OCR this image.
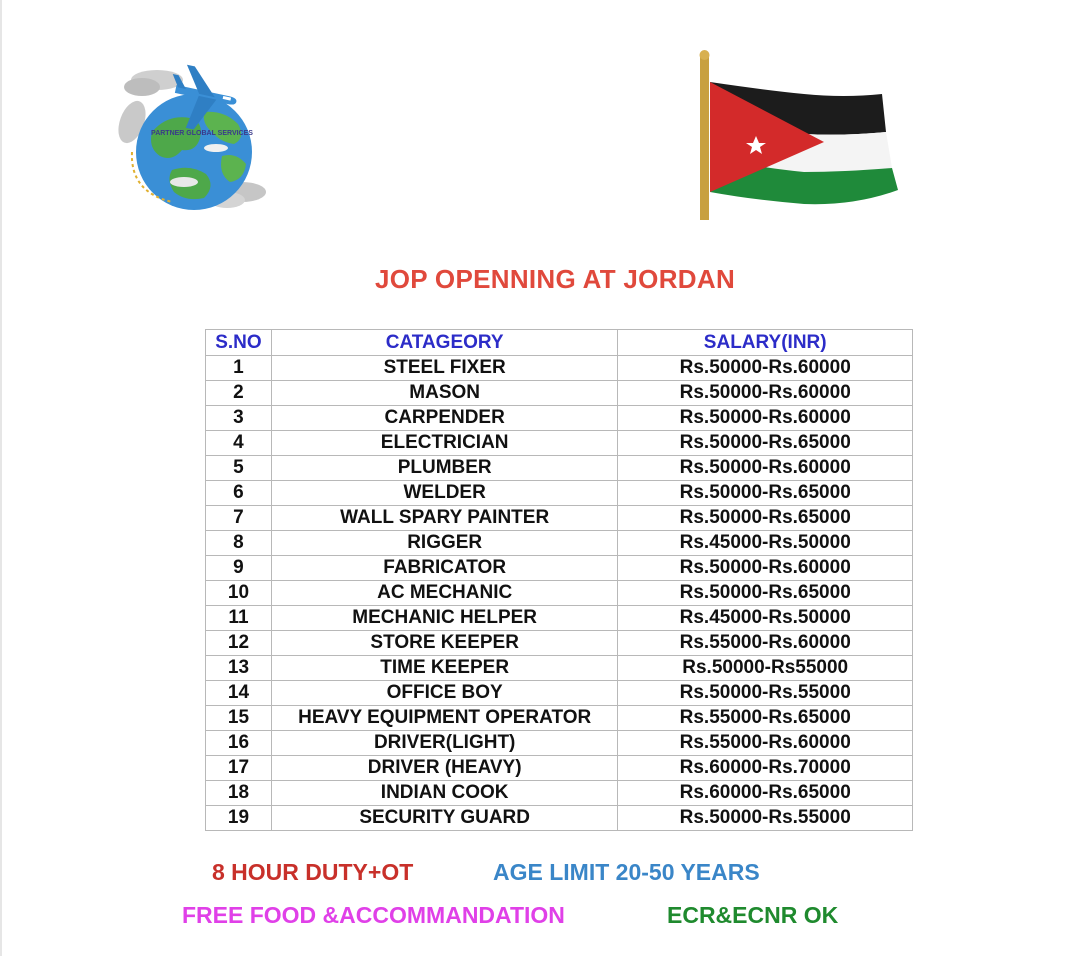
PARTNER GLOBAL SERVICES
JOP OPENNING AT JORDAN
S.NO	CATAGEORY	SALARY(INR)
1	STEEL FIXER	Rs.50000-Rs.60000
2	MASON	Rs.50000-Rs.60000
3	CARPENDER	Rs.50000-Rs.60000
4	ELECTRICIAN	Rs.50000-Rs.65000
5	PLUMBER	Rs.50000-Rs.60000
6	WELDER	Rs.50000-Rs.65000
7	WALL SPARY PAINTER	Rs.50000-Rs.65000
8	RIGGER	Rs.45000-Rs.50000
9	FABRICATOR	Rs.50000-Rs.60000
10	AC MECHANIC	Rs.50000-Rs.65000
11	MECHANIC HELPER	Rs.45000-Rs.50000
12	STORE KEEPER	Rs.55000-Rs.60000
13	TIME KEEPER	Rs.50000-Rs55000
14	OFFICE BOY	Rs.50000-Rs.55000
15	HEAVY EQUIPMENT OPERATOR	Rs.55000-Rs.65000
16	DRIVER(LIGHT)	Rs.55000-Rs.60000
17	DRIVER (HEAVY)	Rs.60000-Rs.70000
18	INDIAN COOK	Rs.60000-Rs.65000
19	SECURITY GUARD	Rs.50000-Rs.55000
8 HOUR DUTY+OT	AGE LIMIT 20-50 YEARS
FREE FOOD &ACCOMMANDATION	ECR&ECNR OK
